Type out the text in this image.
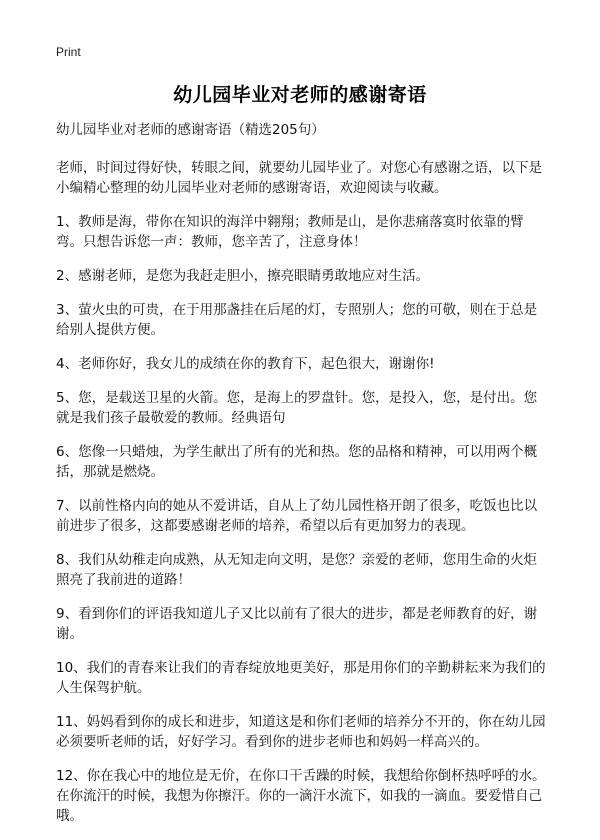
Print
幼儿园毕业对老师的感谢寄语

幼儿园毕业对老师的感谢寄语（精选205句）

老师，时间过得好快，转眼之间，就要幼儿园毕业了。对您心有感谢之语，以下是小编精心整理的幼儿园毕业对老师的感谢寄语，欢迎阅读与收藏。

1、教师是海，带你在知识的海洋中翱翔；教师是山，是你悲痛落寞时依靠的臂弯。只想告诉您一声：教师，您辛苦了，注意身体！

2、感谢老师，是您为我赶走胆小，擦亮眼睛勇敢地应对生活。

3、萤火虫的可贵，在于用那盏挂在后尾的灯，专照别人；您的可敬，则在于总是给别人提供方便。

4、老师你好，我女儿的成绩在你的教育下，起色很大，谢谢你!

5、您，是载送卫星的火箭。您，是海上的罗盘针。您，是投入，您，是付出。您就是我们孩子最敬爱的教师。经典语句

6、您像一只蜡烛，为学生献出了所有的光和热。您的品格和精神，可以用两个概括，那就是燃烧。

7、以前性格内向的她从不爱讲话，自从上了幼儿园性格开朗了很多，吃饭也比以前进步了很多，这都要感谢老师的培养，希望以后有更加努力的表现。

8、我们从幼稚走向成熟，从无知走向文明，是您？亲爱的老师，您用生命的火炬照亮了我前进的道路！

9、看到你们的评语我知道儿子又比以前有了很大的进步，都是老师教育的好，谢谢。

10、我们的青春来让我们的青春绽放地更美好，那是用你们的辛勤耕耘来为我们的人生保驾护航。

11、妈妈看到你的成长和进步，知道这是和你们老师的培养分不开的，你在幼儿园必须要听老师的话，好好学习。看到你的进步老师也和妈妈一样高兴的。

12、你在我心中的地位是无价，在你口干舌躁的时候，我想给你倒杯热呼呼的水。在你流汗的时候，我想为你擦汗。你的一滴汗水流下，如我的一滴血。要爱惜自己哦。
